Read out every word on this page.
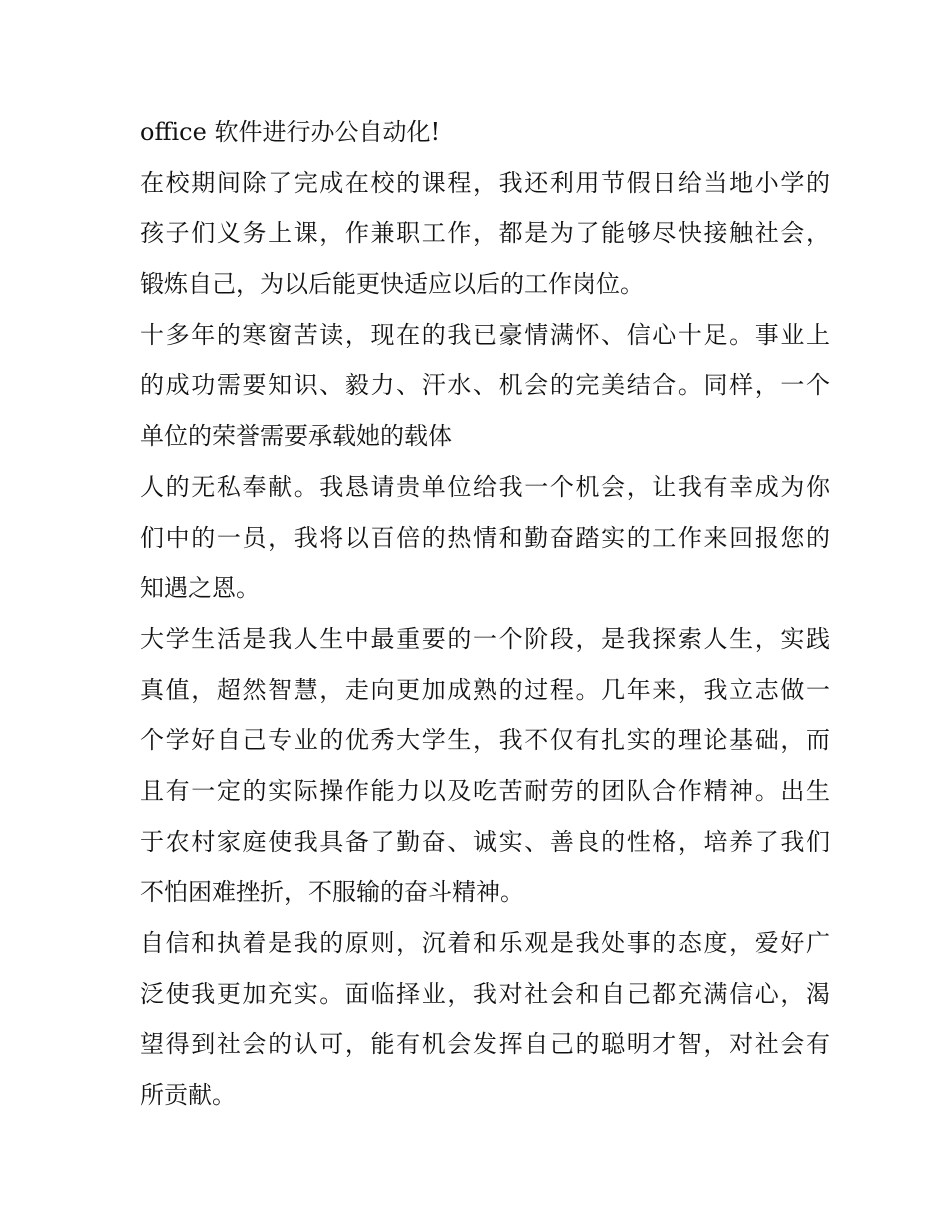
office 软件进行办公自动化!
在校期间除了完成在校的课程，我还利用节假日给当地小学的
孩子们义务上课，作兼职工作，都是为了能够尽快接触社会，
锻炼自己，为以后能更快适应以后的工作岗位。
十多年的寒窗苦读，现在的我已豪情满怀、信心十足。事业上
的成功需要知识、毅力、汗水、机会的完美结合。同样，一个
单位的荣誉需要承载她的载体
人的无私奉献。我恳请贵单位给我一个机会，让我有幸成为你
们中的一员，我将以百倍的热情和勤奋踏实的工作来回报您的
知遇之恩。
大学生活是我人生中最重要的一个阶段，是我探索人生，实践
真值，超然智慧，走向更加成熟的过程。几年来，我立志做一
个学好自己专业的优秀大学生，我不仅有扎实的理论基础，而
且有一定的实际操作能力以及吃苦耐劳的团队合作精神。出生
于农村家庭使我具备了勤奋、诚实、善良的性格，培养了我们
不怕困难挫折，不服输的奋斗精神。
自信和执着是我的原则，沉着和乐观是我处事的态度，爱好广
泛使我更加充实。面临择业，我对社会和自己都充满信心，渴
望得到社会的认可，能有机会发挥自己的聪明才智，对社会有
所贡献。
